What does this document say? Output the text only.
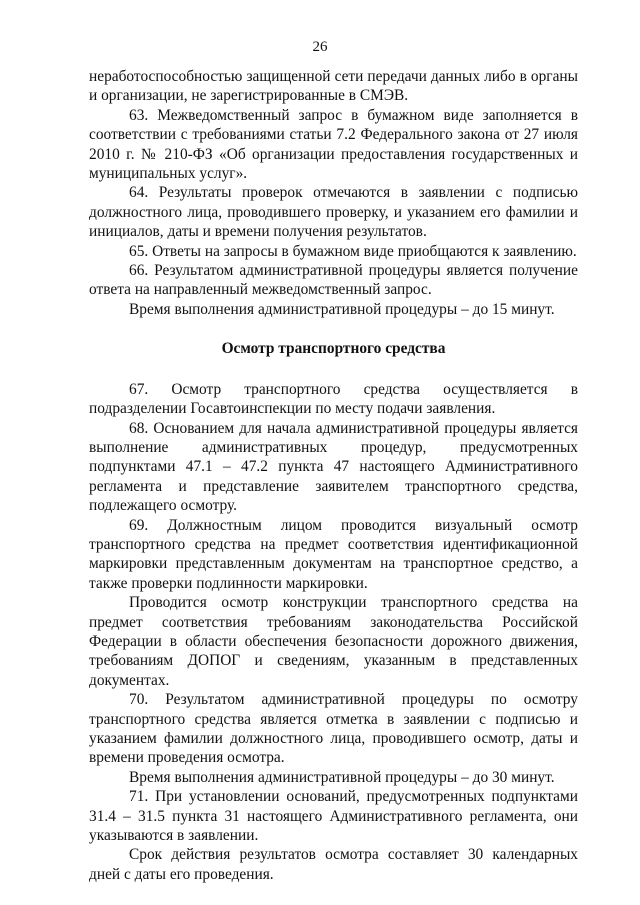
26

неработоспособностью защищенной сети передачи данных либо в органы и организации, не зарегистрированные в СМЭВ.

63. Межведомственный запрос в бумажном виде заполняется в соответствии с требованиями статьи 7.2 Федерального закона от 27 июля 2010 г. № 210-ФЗ «Об организации предоставления государственных и муниципальных услуг».

64. Результаты проверок отмечаются в заявлении с подписью должностного лица, проводившего проверку, и указанием его фамилии и инициалов, даты и времени получения результатов.

65. Ответы на запросы в бумажном виде приобщаются к заявлению.

66. Результатом административной процедуры является получение ответа на направленный межведомственный запрос.

Время выполнения административной процедуры – до 15 минут.

Осмотр транспортного средства

67. Осмотр транспортного средства осуществляется в подразделении Госавтоинспекции по месту подачи заявления.

68. Основанием для начала административной процедуры является выполнение административных процедур, предусмотренных подпунктами 47.1 – 47.2 пункта 47 настоящего Административного регламента и представление заявителем транспортного средства, подлежащего осмотру.

69. Должностным лицом проводится визуальный осмотр транспортного средства на предмет соответствия идентификационной маркировки представленным документам на транспортное средство, а также проверки подлинности маркировки.

Проводится осмотр конструкции транспортного средства на предмет соответствия требованиям законодательства Российской Федерации в области обеспечения безопасности дорожного движения, требованиям ДОПОГ и сведениям, указанным в представленных документах.

70. Результатом административной процедуры по осмотру транспортного средства является отметка в заявлении с подписью и указанием фамилии должностного лица, проводившего осмотр, даты и времени проведения осмотра.

Время выполнения административной процедуры – до 30 минут.

71. При установлении оснований, предусмотренных подпунктами 31.4 – 31.5 пункта 31 настоящего Административного регламента, они указываются в заявлении.

Срок действия результатов осмотра составляет 30 календарных дней с даты его проведения.
